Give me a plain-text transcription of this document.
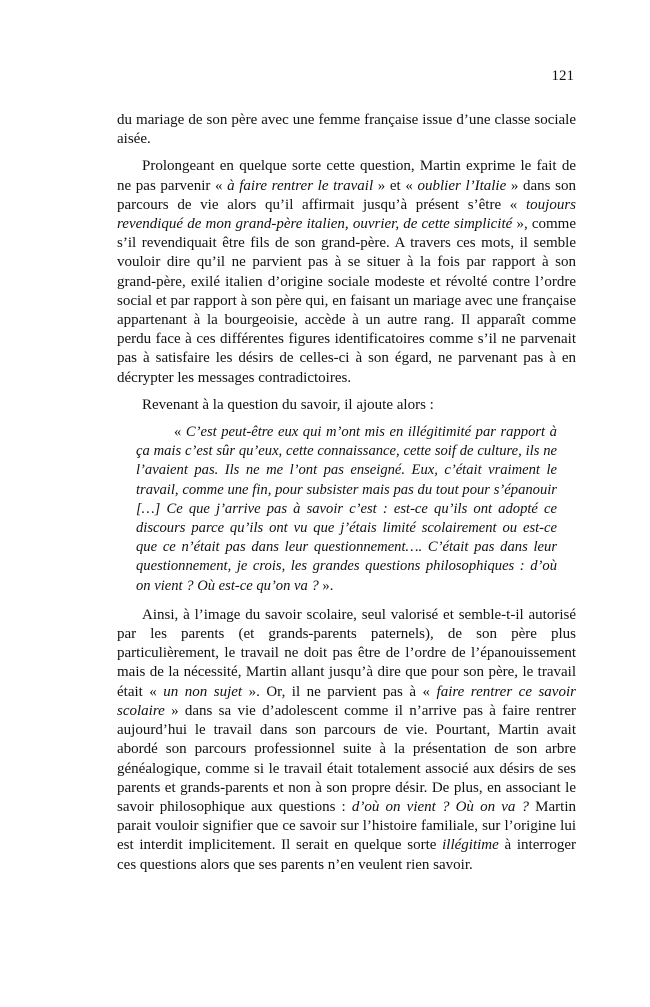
121

du mariage de son père avec une femme française issue d’une classe sociale aisée.

Prolongeant en quelque sorte cette question, Martin exprime le fait de ne pas parvenir « à faire rentrer le travail » et « oublier l’Italie » dans son parcours de vie alors qu’il affirmait jusqu’à présent s’être « toujours revendiqué de mon grand-père italien, ouvrier, de cette simplicité », comme s’il revendiquait être fils de son grand-père. A travers ces mots, il semble vouloir dire qu’il ne parvient pas à se situer à la fois par rapport à son grand-père, exilé italien d’origine sociale modeste et révolté contre l’ordre social et par rapport à son père qui, en faisant un mariage avec une française appartenant à la bourgeoisie, accède à un autre rang. Il apparaît comme perdu face à ces différentes figures identificatoires comme s’il ne parvenait pas à satisfaire les désirs de celles-ci à son égard, ne parvenant pas à en décrypter les messages contradictoires.

Revenant à la question du savoir, il ajoute alors :

« C’est peut-être eux qui m’ont mis en illégitimité par rapport à ça mais c’est sûr qu’eux, cette connaissance, cette soif de culture, ils ne l’avaient pas. Ils ne me l’ont pas enseigné. Eux, c’était vraiment le travail, comme une fin, pour subsister mais pas du tout pour s’épanouir […] Ce que j’arrive pas à savoir c’est : est-ce qu’ils ont adopté ce discours parce qu’ils ont vu que j’étais limité scolairement ou est-ce que ce n’était pas dans leur questionnement…. C’était pas dans leur questionnement, je crois, les grandes questions philosophiques : d’où on vient ? Où est-ce qu’on va ? ».

Ainsi, à l’image du savoir scolaire, seul valorisé et semble-t-il autorisé par les parents (et grands-parents paternels), de son père plus particulièrement, le travail ne doit pas être de l’ordre de l’épanouissement mais de la nécessité, Martin allant jusqu’à dire que pour son père, le travail était « un non sujet ». Or, il ne parvient pas à « faire rentrer ce savoir scolaire » dans sa vie d’adolescent comme il n’arrive pas à faire rentrer aujourd’hui le travail dans son parcours de vie. Pourtant, Martin avait abordé son parcours professionnel suite à la présentation de son arbre généalogique, comme si le travail était totalement associé aux désirs de ses parents et grands-parents et non à son propre désir. De plus, en associant le savoir philosophique aux questions : d’où on vient ? Où on va ? Martin parait vouloir signifier que ce savoir sur l’histoire familiale, sur l’origine lui est interdit implicitement. Il serait en quelque sorte illégitime à interroger ces questions alors que ses parents n’en veulent rien savoir.
